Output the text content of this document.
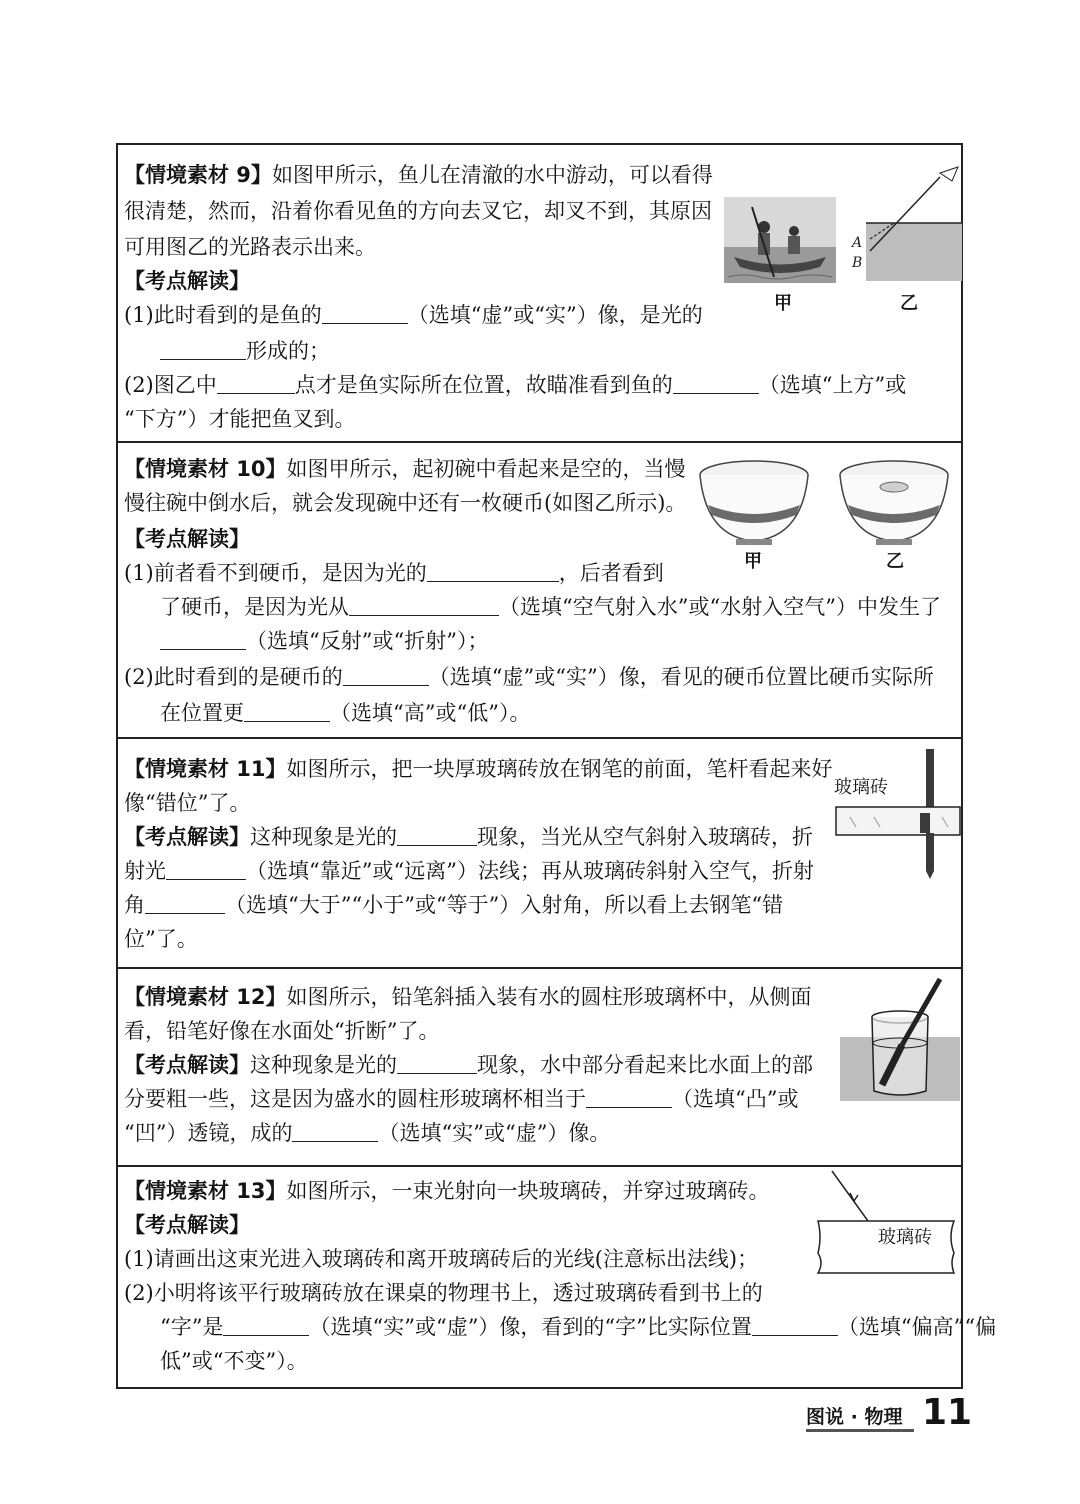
【情境素材 9】如图甲所示，鱼儿在清澈的水中游动，可以看得
很清楚，然而，沿着你看见鱼的方向去叉它，却叉不到，其原因
可用图乙的光路表示出来。
【考点解读】
(1)此时看到的是鱼的	（选填“虚”或“实”）像，是光的
形成的；
(2)图乙中	点才是鱼实际所在位置，故瞄准看到鱼的	（选填“上方”或
“下方”）才能把鱼叉到。
A
B
甲	乙
【情境素材 10】如图甲所示，起初碗中看起来是空的，当慢
慢往碗中倒水后，就会发现碗中还有一枚硬币(如图乙所示)。
【考点解读】
(1)前者看不到硬币，是因为光的	，后者看到
了硬币，是因为光从	（选填“空气射入水”或“水射入空气”）中发生了
（选填“反射”或“折射”）；
(2)此时看到的是硬币的	（选填“虚”或“实”）像，看见的硬币位置比硬币实际所
在位置更	（选填“高”或“低”）。
甲	乙
【情境素材 11】如图所示，把一块厚玻璃砖放在钢笔的前面，笔杆看起来好
像“错位”了。
【考点解读】这种现象是光的	现象，当光从空气斜射入玻璃砖，折
射光	（选填“靠近”或“远离”）法线；再从玻璃砖斜射入空气，折射
角	（选填“大于”“小于”或“等于”）入射角，所以看上去钢笔“错
位”了。
玻璃砖
【情境素材 12】如图所示，铅笔斜插入装有水的圆柱形玻璃杯中，从侧面
看，铅笔好像在水面处“折断”了。
【考点解读】这种现象是光的	现象，水中部分看起来比水面上的部
分要粗一些，这是因为盛水的圆柱形玻璃杯相当于	（选填“凸”或
“凹”）透镜，成的	（选填“实”或“虚”）像。
【情境素材 13】如图所示，一束光射向一块玻璃砖，并穿过玻璃砖。
【考点解读】
(1)请画出这束光进入玻璃砖和离开玻璃砖后的光线(注意标出法线)；
(2)小明将该平行玻璃砖放在课桌的物理书上，透过玻璃砖看到书上的
“字”是	（选填“实”或“虚”）像，看到的“字”比实际位置	（选填“偏高”“偏
低”或“不变”）。
玻璃砖
图说 · 物理 11
